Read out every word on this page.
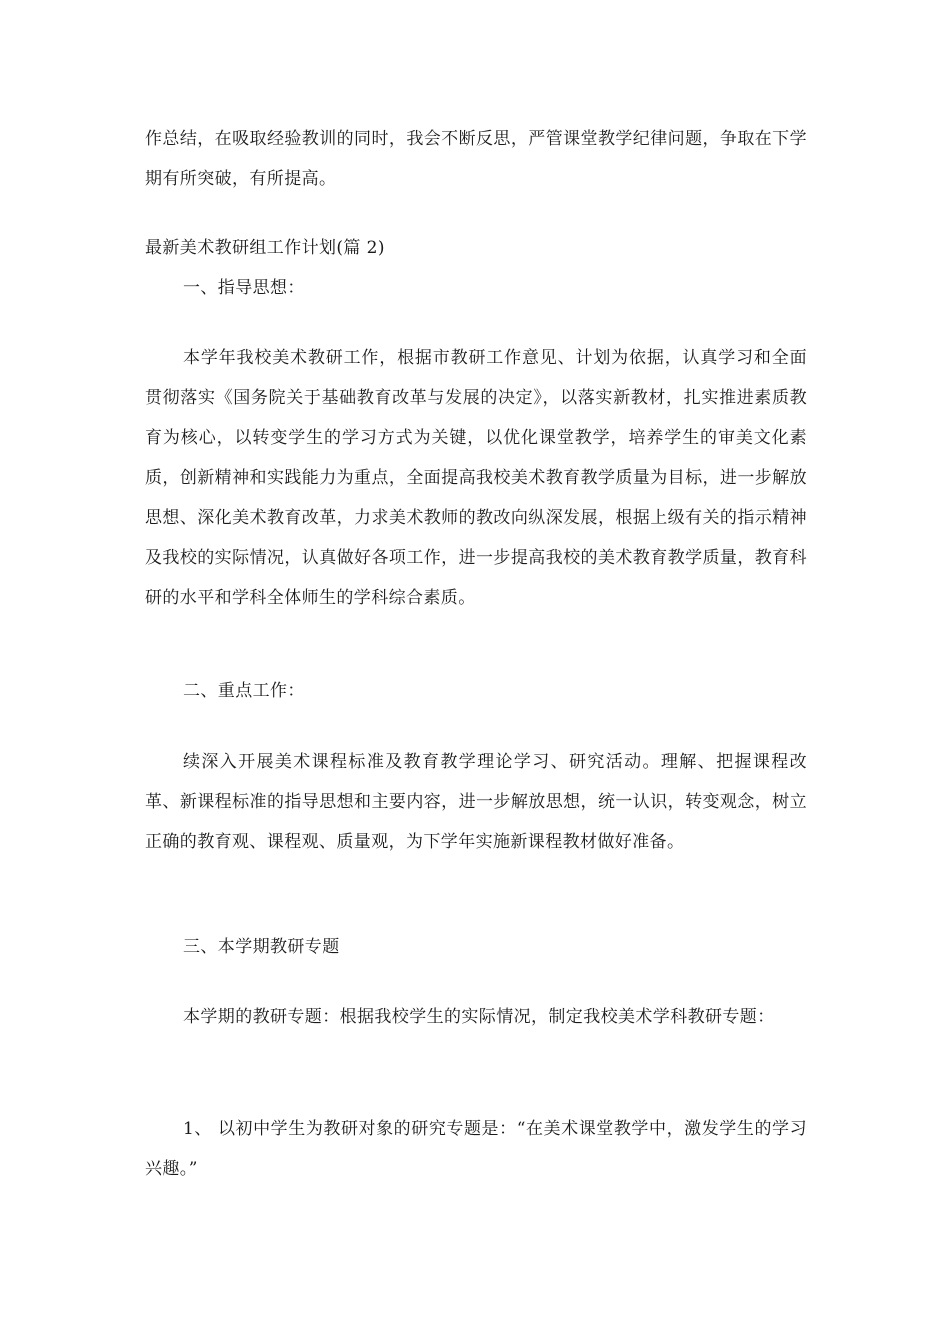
作总结，在吸取经验教训的同时，我会不断反思，严管课堂教学纪律问题，争取在下学期有所突破，有所提高。

最新美术教研组工作计划(篇 2)

一、指导思想：

本学年我校美术教研工作，根据市教研工作意见、计划为依据，认真学习和全面贯彻落实《国务院关于基础教育改革与发展的决定》，以落实新教材，扎实推进素质教育为核心，以转变学生的学习方式为关键，以优化课堂教学，培养学生的审美文化素质，创新精神和实践能力为重点，全面提高我校美术教育教学质量为目标，进一步解放思想、深化美术教育改革，力求美术教师的教改向纵深发展，根据上级有关的指示精神及我校的实际情况，认真做好各项工作，进一步提高我校的美术教育教学质量，教育科研的水平和学科全体师生的学科综合素质。

二、重点工作：

续深入开展美术课程标准及教育教学理论学习、研究活动。理解、把握课程改革、新课程标准的指导思想和主要内容，进一步解放思想，统一认识，转变观念，树立正确的教育观、课程观、质量观，为下学年实施新课程教材做好准备。

三、本学期教研专题

本学期的教研专题：根据我校学生的实际情况，制定我校美术学科教研专题：

1、 以初中学生为教研对象的研究专题是：“在美术课堂教学中，激发学生的学习兴趣。”
